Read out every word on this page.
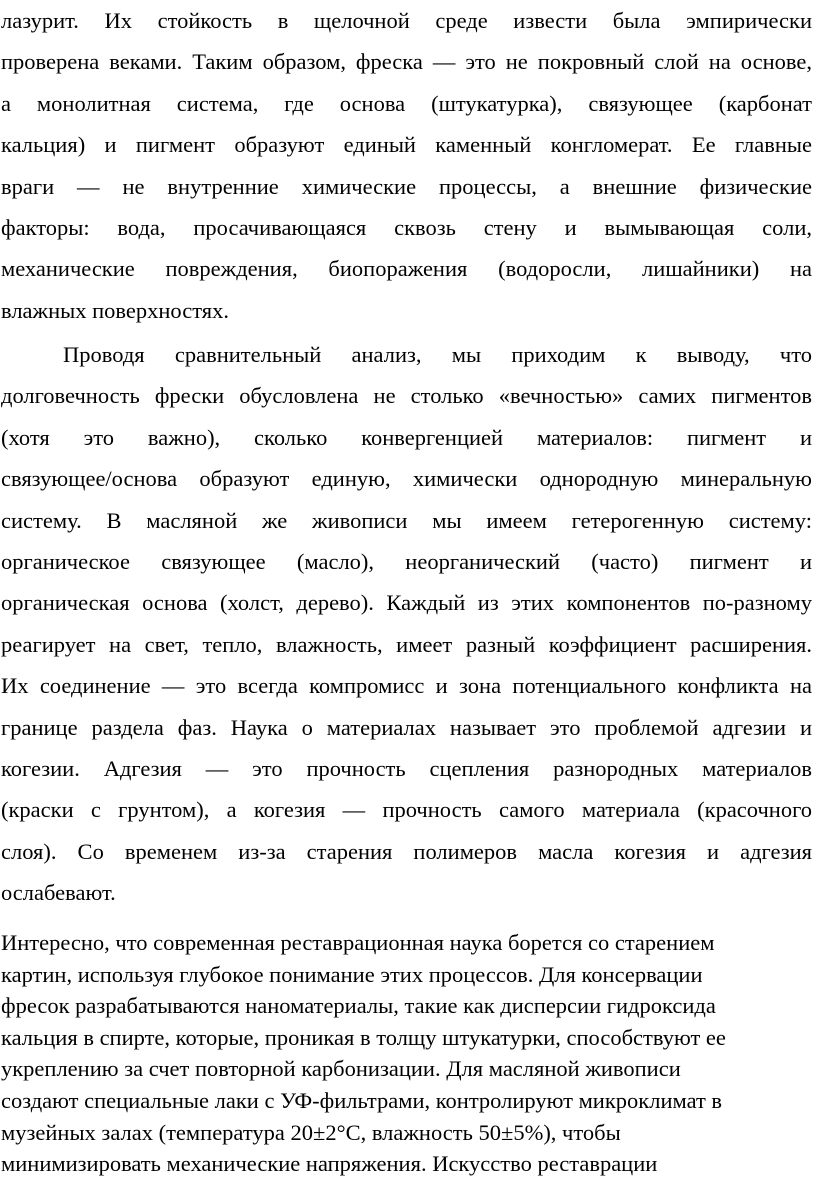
лазурит. Их стойкость в щелочной среде извести была эмпирически
проверена веками. Таким образом, фреска — это не покровный слой на основе,
а монолитная система, где основа (штукатурка), связующее (карбонат
кальция) и пигмент образуют единый каменный конгломерат. Ее главные
враги — не внутренние химические процессы, а внешние физические
факторы: вода, просачивающаяся сквозь стену и вымывающая соли,
механические повреждения, биопоражения (водоросли, лишайники) на
влажных поверхностях.
Проводя сравнительный анализ, мы приходим к выводу, что
долговечность фрески обусловлена не столько «вечностью» самих пигментов
(хотя это важно), сколько конвергенцией материалов: пигмент и
связующее/основа образуют единую, химически однородную минеральную
систему. В масляной же живописи мы имеем гетерогенную систему:
органическое связующее (масло), неорганический (часто) пигмент и
органическая основа (холст, дерево). Каждый из этих компонентов по-разному
реагирует на свет, тепло, влажность, имеет разный коэффициент расширения.
Их соединение — это всегда компромисс и зона потенциального конфликта на
границе раздела фаз. Наука о материалах называет это проблемой адгезии и
когезии. Адгезия — это прочность сцепления разнородных материалов
(краски с грунтом), а когезия — прочность самого материала (красочного
слоя). Со временем из-за старения полимеров масла когезия и адгезия
ослабевают.
Интересно, что современная реставрационная наука борется со старением
картин, используя глубокое понимание этих процессов. Для консервации
фресок разрабатываются наноматериалы, такие как дисперсии гидроксида
кальция в спирте, которые, проникая в толщу штукатурки, способствуют ее
укреплению за счет повторной карбонизации. Для масляной живописи
создают специальные лаки с УФ-фильтрами, контролируют микроклимат в
музейных залах (температура 20±2°C, влажность 50±5%), чтобы
минимизировать механические напряжения. Искусство реставрации
